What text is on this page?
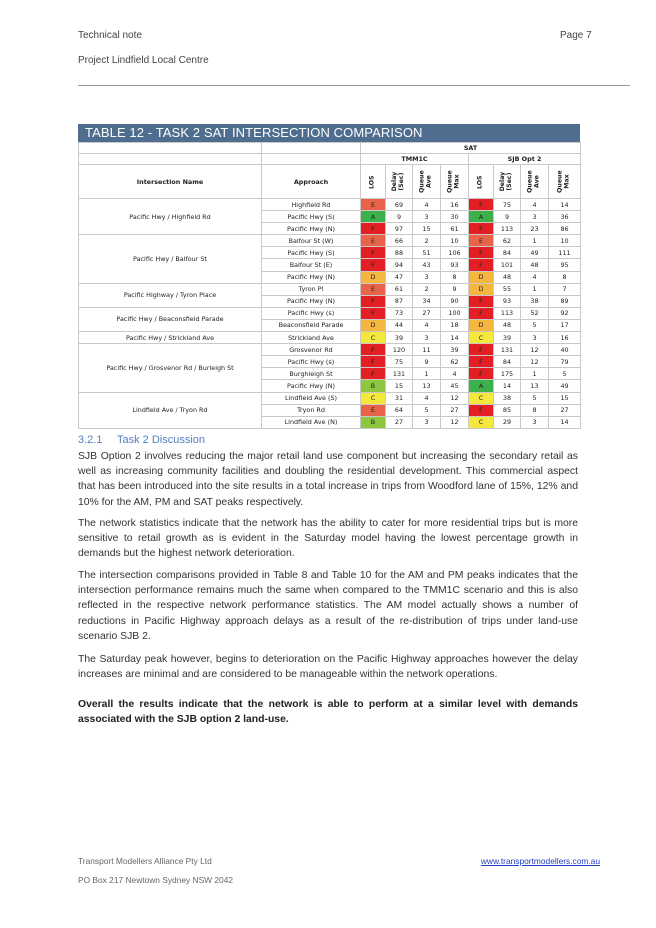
Technical note	Page 7
Project Lindfield Local Centre
TABLE 12 - TASK 2 SAT INTERSECTION COMPARISON
		SAT							
		TMM1C				SJB Opt 2			
Intersection Name	Approach	LOS	Delay (Sec)	Queue Ave	Queue Max	LOS	Delay (Sec)	Queue Ave	Queue Max

Pacific Hwy / Highfield Rd	Highfield Rd	E	69	4	16	F	75	4	14
	Pacific Hwy (S)	A	9	3	30	A	9	3	36
	Pacific Hwy (N)	F	97	15	61	F	113	23	86
Pacific Hwy / Balfour St	Balfour St (W)	E	66	2	10	E	62	1	10
	Pacific Hwy (S)	F	88	51	106	F	84	49	111
	Balfour St (E)	F	94	43	93	F	101	48	95
	Pacific Hwy (N)	D	47	3	8	D	48	4	8
Pacific Highway / Tyron Place	Tyron Pl	E	61	2	9	D	55	1	7
	Pacific Hwy (N)	F	87	34	90	F	93	38	89
Pacific Hwy / Beaconsfield Parade	Pacific Hwy (s)	F	73	27	100	F	113	52	92
	Beaconsfield Parade	D	44	4	18	D	48	5	17
Pacific Hwy / Strickland Ave	Strickland Ave	C	39	3	14	C	39	3	16
Pacific Hwy / Grosvenor Rd / Burleigh St	Grosvenor Rd	F	120	11	39	F	131	12	40
	Pacific Hwy (s)	F	75	9	62	F	84	12	79
	Burghleigh St	F	131	1	4	F	175	1	5
	Pacific Hwy (N)	B	15	13	45	A	14	13	49
Lindfield Ave / Tryon Rd	Lindfield Ave (S)	C	31	4	12	C	38	5	15
	Tryon Rd	E	64	5	27	F	85	8	27
	Lindfield Ave (N)	B	27	3	12	C	29	3	14
3.2.1 Task 2 Discussion
SJB Option 2 involves reducing the major retail land use component but increasing the secondary retail as well as increasing community facilities and doubling the residential development. This commercial aspect that has been introduced into the site results in a total increase in trips from Woodford lane of 15%, 12% and 10% for the AM, PM and SAT peaks respectively.
The network statistics indicate that the network has the ability to cater for more residential trips but is more sensitive to retail growth as is evident in the Saturday model having the lowest percentage growth in demands but the highest network deterioration.
The intersection comparisons provided in Table 8 and Table 10 for the AM and PM peaks indicates that the intersection performance remains much the same when compared to the TMM1C scenario and this is also reflected in the respective network performance statistics. The AM model actually shows a number of reductions in Pacific Highway approach delays as a result of the re-distribution of trips under land-use scenario SJB 2.
The Saturday peak however, begins to deterioration on the Pacific Highway approaches however the delay increases are minimal and are considered to be manageable within the network operations.
Overall the results indicate that the network is able to perform at a similar level with demands associated with the SJB option 2 land-use.
Transport Modellers Alliance Pty Ltd
PO Box 217 Newtown Sydney NSW 2042
www.transportmodellers.com.au
